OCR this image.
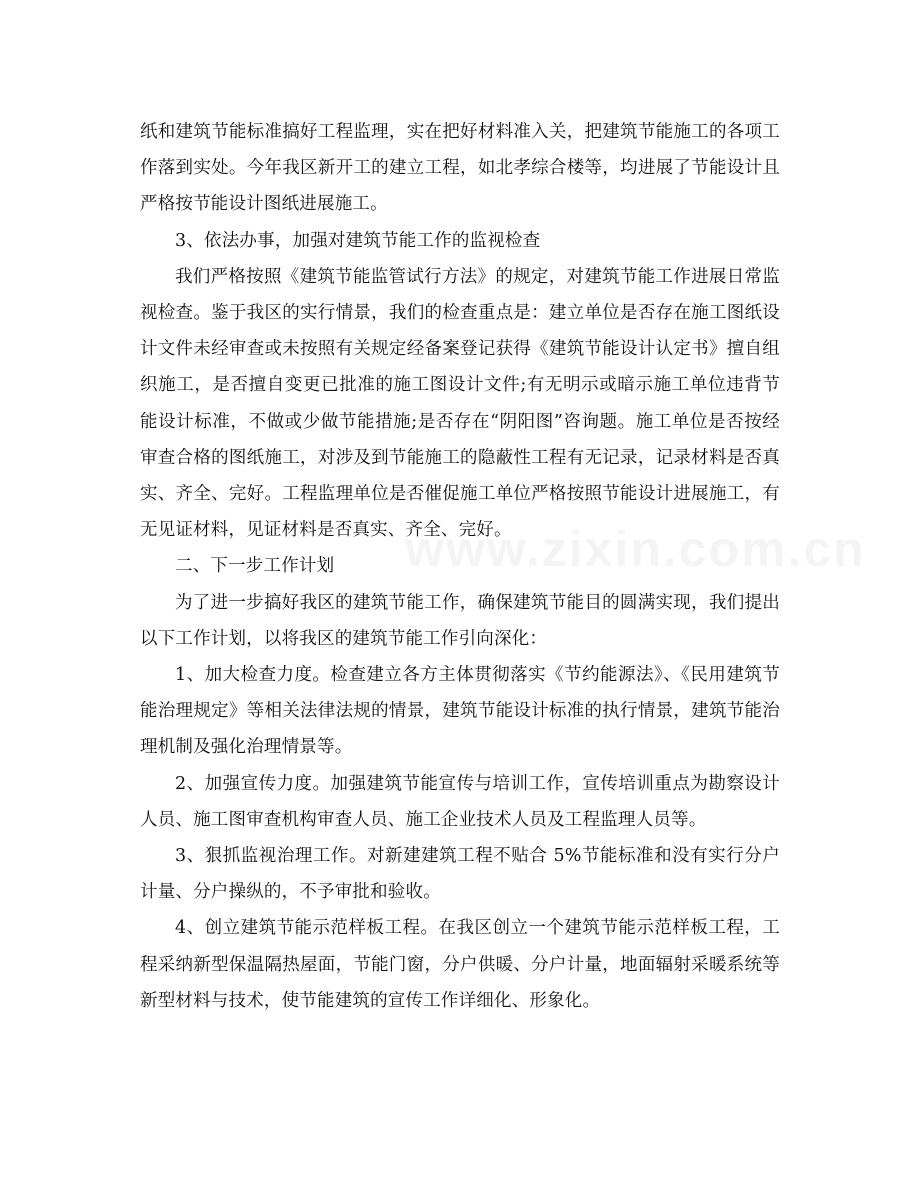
www.zixin.com.cn

纸和建筑节能标准搞好工程监理，实在把好材料准入关，把建筑节能施工的各项工作落到实处。今年我区新开工的建立工程，如北孝综合楼等，均进展了节能设计且严格按节能设计图纸进展施工。

3、依法办事，加强对建筑节能工作的监视检查

我们严格按照《建筑节能监管试行方法》的规定，对建筑节能工作进展日常监视检查。鉴于我区的实行情景，我们的检查重点是：建立单位是否存在施工图纸设计文件未经审查或未按照有关规定经备案登记获得《建筑节能设计认定书》擅自组织施工，是否擅自变更已批准的施工图设计文件;有无明示或暗示施工单位违背节能设计标准，不做或少做节能措施;是否存在“阴阳图”咨询题。施工单位是否按经审查合格的图纸施工，对涉及到节能施工的隐蔽性工程有无记录，记录材料是否真实、齐全、完好。工程监理单位是否催促施工单位严格按照节能设计进展施工，有无见证材料，见证材料是否真实、齐全、完好。

二、下一步工作计划

为了进一步搞好我区的建筑节能工作，确保建筑节能目的圆满实现，我们提出以下工作计划，以将我区的建筑节能工作引向深化：

1、加大检查力度。检查建立各方主体贯彻落实《节约能源法》、《民用建筑节能治理规定》等相关法律法规的情景，建筑节能设计标准的执行情景，建筑节能治理机制及强化治理情景等。

2、加强宣传力度。加强建筑节能宣传与培训工作，宣传培训重点为勘察设计人员、施工图审查机构审查人员、施工企业技术人员及工程监理人员等。

3、狠抓监视治理工作。对新建建筑工程不贴合 5%节能标准和没有实行分户计量、分户操纵的，不予审批和验收。

4、创立建筑节能示范样板工程。在我区创立一个建筑节能示范样板工程，工程采纳新型保温隔热屋面，节能门窗，分户供暖、分户计量，地面辐射采暖系统等新型材料与技术，使节能建筑的宣传工作详细化、形象化。
